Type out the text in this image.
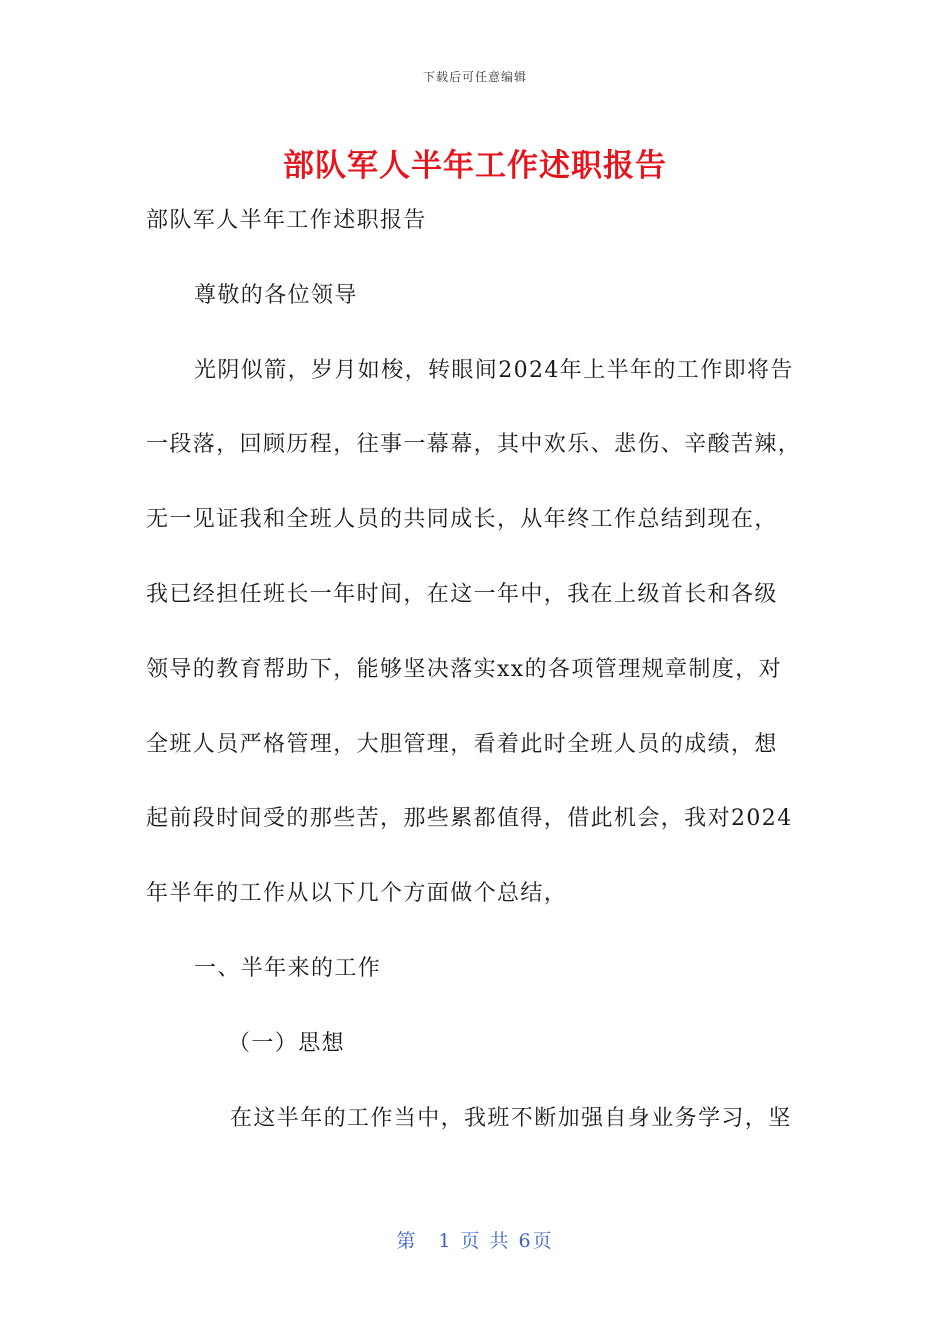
下载后可任意编辑
部队军人半年工作述职报告
部队军人半年工作述职报告
尊敬的各位领导
光阴似箭，岁月如梭，转眼间2024年上半年的工作即将告
一段落，回顾历程，往事一幕幕，其中欢乐、悲伤、辛酸苦辣，
无一见证我和全班人员的共同成长，从年终工作总结到现在，
我已经担任班长一年时间，在这一年中，我在上级首长和各级
领导的教育帮助下，能够坚决落实xx的各项管理规章制度，对
全班人员严格管理，大胆管理，看着此时全班人员的成绩，想
起前段时间受的那些苦，那些累都值得，借此机会，我对2024
年半年的工作从以下几个方面做个总结，
一、半年来的工作
（一）思想
在这半年的工作当中，我班不断加强自身业务学习，坚
第　1 页 共 6页
